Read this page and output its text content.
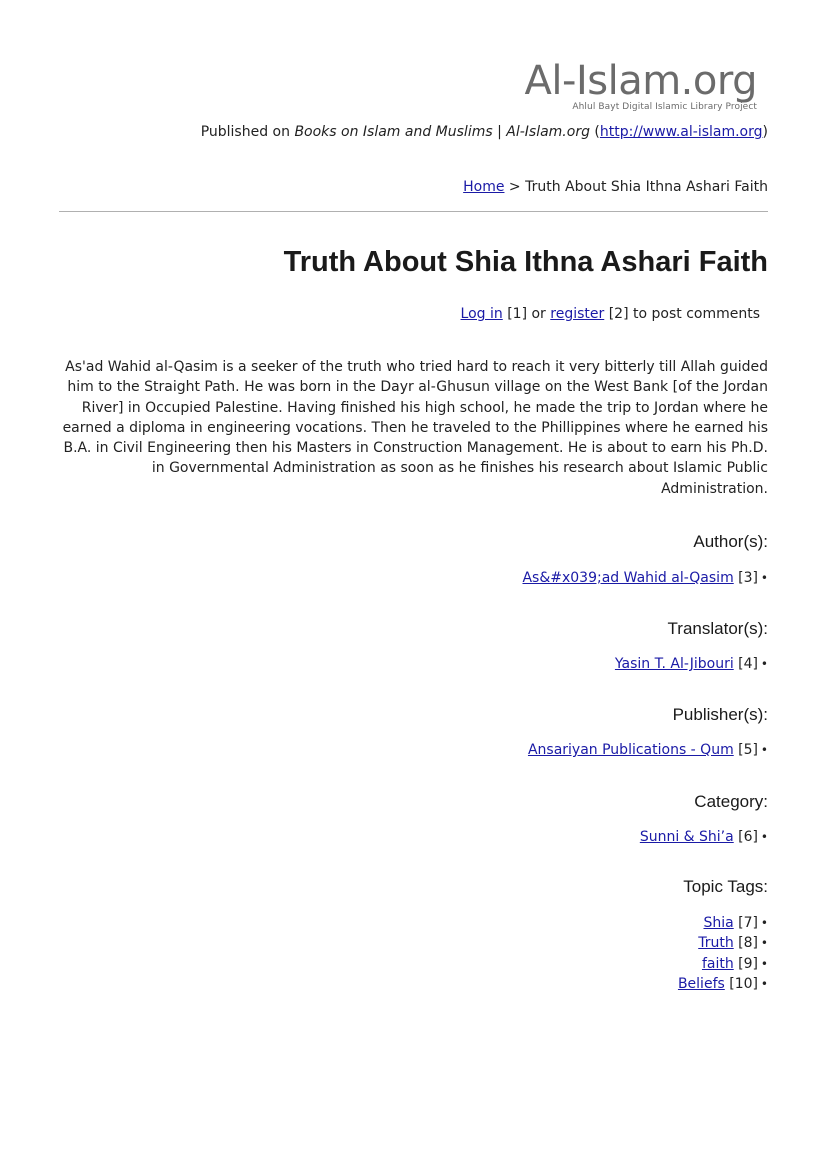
Al-Islam.org
Ahlul Bayt Digital Islamic Library Project
Published on Books on Islam and Muslims | Al-Islam.org (http://www.al-islam.org)
Home > Truth About Shia Ithna Ashari Faith
Truth About Shia Ithna Ashari Faith
Log in [1] or register [2] to post comments

As'ad Wahid al-Qasim is a seeker of the truth who tried hard to reach it very bitterly till Allah guided him to the Straight Path. He was born in the Dayr al-Ghusun village on the West Bank [of the Jordan River] in Occupied Palestine. Having finished his high school, he made the trip to Jordan where he earned a diploma in engineering vocations. Then he traveled to the Phillippines where he earned his B.A. in Civil Engineering then his Masters in Construction Management. He is about to earn his Ph.D. in Governmental Administration as soon as he finishes his research about Islamic Public Administration.

Author(s):
As&#x039;ad Wahid al-Qasim [3] •
Translator(s):
Yasin T. Al-Jibouri [4] •
Publisher(s):
Ansariyan Publications - Qum [5] •
Category:
Sunni & Shi’a [6] •
Topic Tags:
Shia [7] •
Truth [8] •
faith [9] •
Beliefs [10] •
